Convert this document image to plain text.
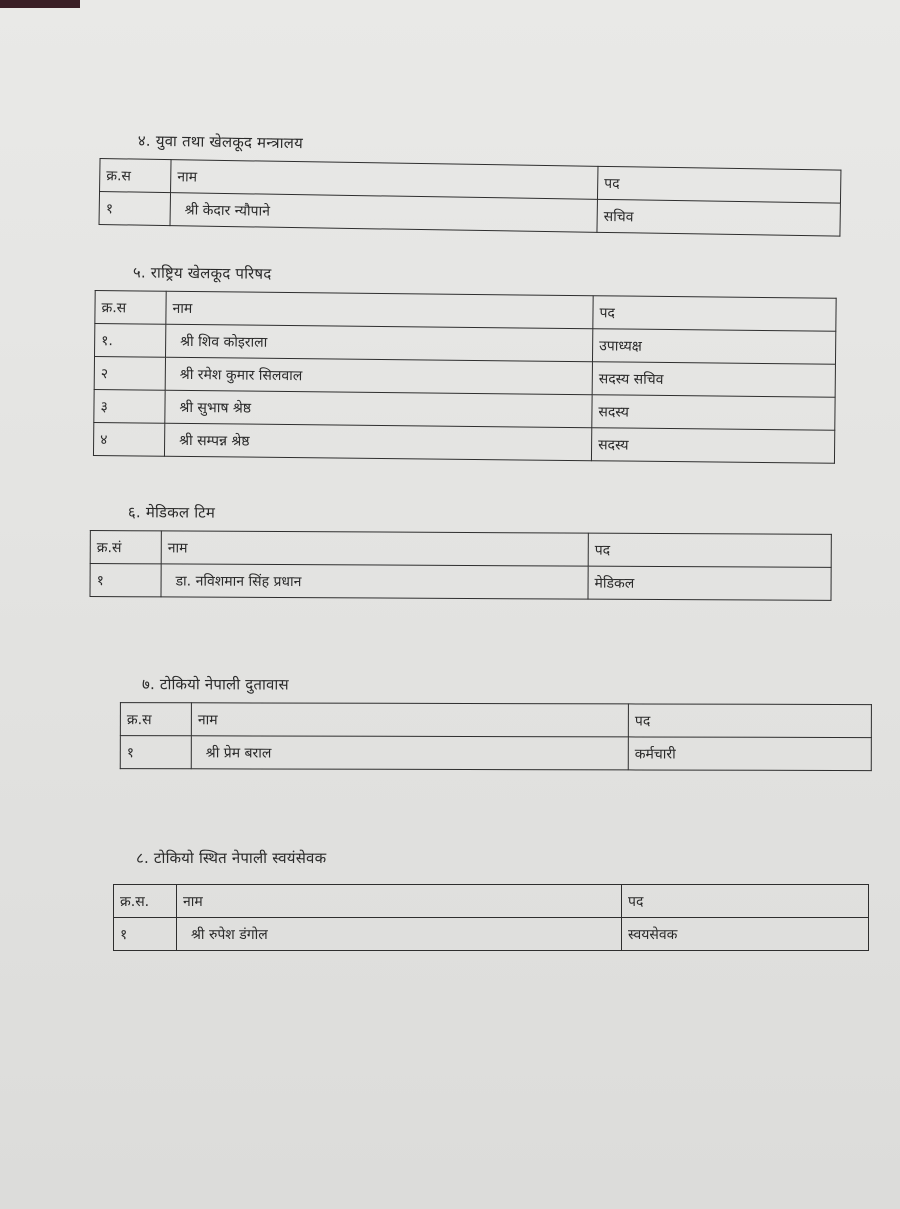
४. युवा तथा खेलकूद मन्त्रालय
क्र.स	नाम	पद
१	श्री केदार न्यौपाने	सचिव
५. राष्ट्रिय खेलकूद परिषद
क्र.स	नाम	पद
१.	श्री शिव कोइराला	उपाध्यक्ष
२	श्री रमेश कुमार सिलवाल	सदस्य सचिव
३	श्री सुभाष श्रेष्ठ	सदस्य
४	श्री सम्पन्न श्रेष्ठ	सदस्य
६. मेडिकल टिम
क्र.सं	नाम	पद
१	डा. नविशमान सिंह प्रधान	मेडिकल
७. टोकियो नेपाली दुतावास
क्र.स	नाम	पद
१	श्री प्रेम बराल	कर्मचारी
८. टोकियो स्थित नेपाली स्वयंसेवक
क्र.स.	नाम	पद
१	श्री रुपेश डंगोल	स्वयसेवक
